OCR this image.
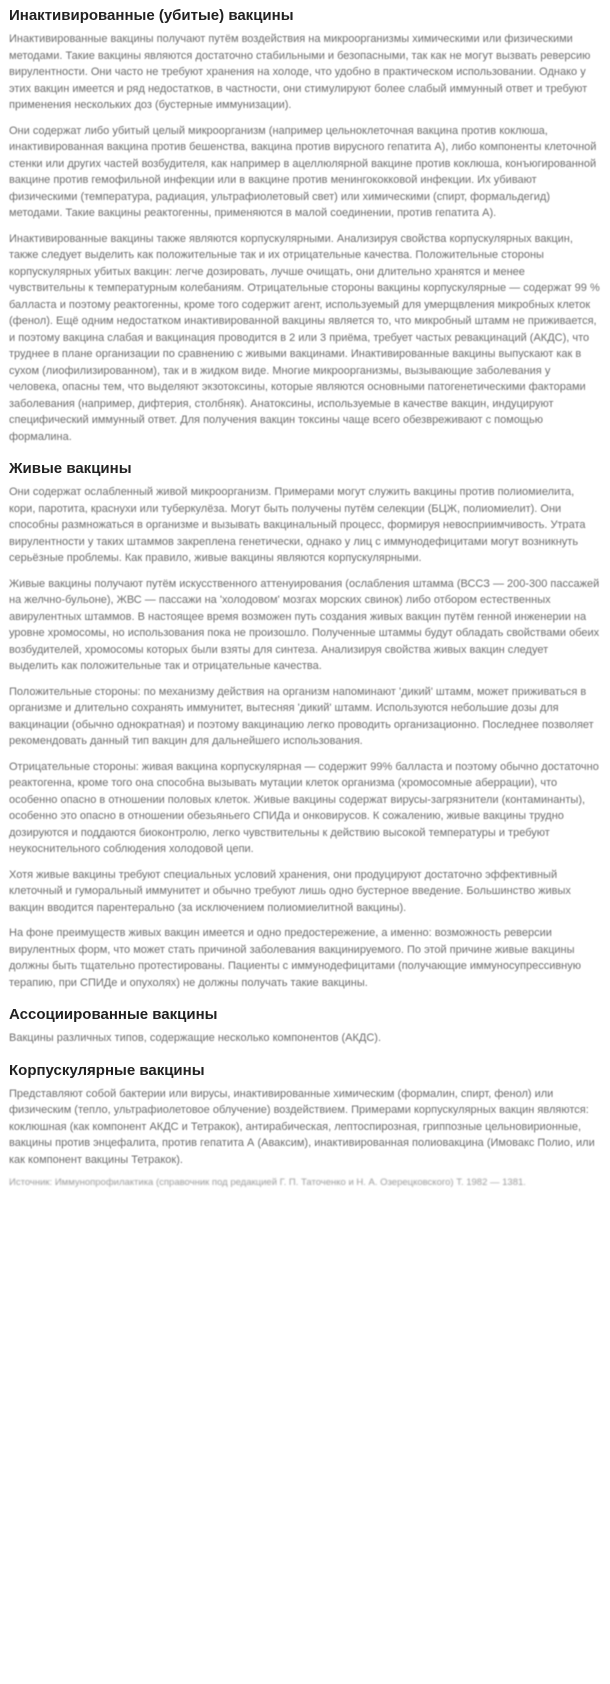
Инактивированные (убитые) вакцины

Инактивированные вакцины получают путём воздействия на микроорганизмы химическими или физическими методами. Такие вакцины являются достаточно стабильными и безопасными, так как не могут вызвать реверсию вирулентности. Они часто не требуют хранения на холоде, что удобно в практическом использовании. Однако у этих вакцин имеется и ряд недостатков, в частности, они стимулируют более слабый иммунный ответ и требуют применения нескольких доз (бустерные иммунизации).

Они содержат либо убитый целый микроорганизм (например цельноклеточная вакцина против коклюша, инактивированная вакцина против бешенства, вакцина против вирусного гепатита А), либо компоненты клеточной стенки или других частей возбудителя, как например в ацеллюлярной вакцине против коклюша, конъюгированной вакцине против гемофильной инфекции или в вакцине против менингококковой инфекции. Их убивают физическими (температура, радиация, ультрафиолетовый свет) или химическими (спирт, формальдегид) методами. Такие вакцины реактогенны, применяются в малой соединении, против гепатита А).

Инактивированные вакцины также являются корпускулярными. Анализируя свойства корпускулярных вакцин, также следует выделить как положительные так и их отрицательные качества. Положительные стороны корпускулярных убитых вакцин: легче дозировать, лучше очищать, они длительно хранятся и менее чувствительны к температурным колебаниям. Отрицательные стороны вакцины корпускулярные — содержат 99 % балласта и поэтому реактогенны, кроме того содержит агент, используемый для умерщвления микробных клеток (фенол). Ещё одним недостатком инактивированной вакцины является то, что микробный штамм не приживается, и поэтому вакцина слабая и вакцинация проводится в 2 или 3 приёма, требует частых ревакцинаций (АКДС), что труднее в плане организации по сравнению с живыми вакцинами. Инактивированные вакцины выпускают как в сухом (лиофилизированном), так и в жидком виде. Многие микроорганизмы, вызывающие заболевания у человека, опасны тем, что выделяют экзотоксины, которые являются основными патогенетическими факторами заболевания (например, дифтерия, столбняк). Анатоксины, используемые в качестве вакцин, индуцируют специфический иммунный ответ. Для получения вакцин токсины чаще всего обезвреживают с помощью формалина.

Живые вакцины

Они содержат ослабленный живой микроорганизм. Примерами могут служить вакцины против полиомиелита, кори, паротита, краснухи или туберкулёза. Могут быть получены путём селекции (БЦЖ, полиомиелит). Они способны размножаться в организме и вызывать вакцинальный процесс, формируя невосприимчивость. Утрата вирулентности у таких штаммов закреплена генетически, однако у лиц с иммунодефицитами могут возникнуть серьёзные проблемы. Как правило, живые вакцины являются корпускулярными.

Живые вакцины получают путём искусственного аттенуирования (ослабления штамма (ВССЗ — 200-300 пассажей на желчно-бульоне), ЖВС — пассажи на 'холодовом' мозгах морских свинок) либо отбором естественных авирулентных штаммов. В настоящее время возможен путь создания живых вакцин путём генной инженерии на уровне хромосомы, но использования пока не произошло. Полученные штаммы будут обладать свойствами обеих возбудителей, хромосомы которых были взяты для синтеза. Анализируя свойства живых вакцин следует выделить как положительные так и отрицательные качества.

Положительные стороны: по механизму действия на организм напоминают 'дикий' штамм, может приживаться в организме и длительно сохранять иммунитет, вытесняя 'дикий' штамм. Используются небольшие дозы для вакцинации (обычно однократная) и поэтому вакцинацию легко проводить организационно. Последнее позволяет рекомендовать данный тип вакцин для дальнейшего использования.

Отрицательные стороны: живая вакцина корпускулярная — содержит 99% балласта и поэтому обычно достаточно реактогенна, кроме того она способна вызывать мутации клеток организма (хромосомные аберрации), что особенно опасно в отношении половых клеток. Живые вакцины содержат вирусы-загрязнители (контаминанты), особенно это опасно в отношении обезьяньего СПИДа и онковирусов. К сожалению, живые вакцины трудно дозируются и поддаются биоконтролю, легко чувствительны к действию высокой температуры и требуют неукоснительного соблюдения холодовой цепи.

Хотя живые вакцины требуют специальных условий хранения, они продуцируют достаточно эффективный клеточный и гуморальный иммунитет и обычно требуют лишь одно бустерное введение. Большинство живых вакцин вводится парентерально (за исключением полиомиелитной вакцины).

На фоне преимуществ живых вакцин имеется и одно предостережение, а именно: возможность реверсии вирулентных форм, что может стать причиной заболевания вакцинируемого. По этой причине живые вакцины должны быть тщательно протестированы. Пациенты с иммунодефицитами (получающие иммуносупрессивную терапию, при СПИДе и опухолях) не должны получать такие вакцины.

Ассоциированные вакцины

Вакцины различных типов, содержащие несколько компонентов (АКДС).

Корпускулярные вакцины

Представляют собой бактерии или вирусы, инактивированные химическим (формалин, спирт, фенол) или физическим (тепло, ультрафиолетовое облучение) воздействием. Примерами корпускулярных вакцин являются: коклюшная (как компонент АКДС и Тетракок), антирабическая, лептоспирозная, гриппозные цельновирионные, вакцины против энцефалита, против гепатита А (Аваксим), инактивированная полиовакцина (Имовакс Полио, или как компонент вакцины Тетракок).

Источник: Иммунопрофилактика (справочник под редакцией Г. П. Таточенко и Н. А. Озерецковского) Т. 1982 — 1381.
